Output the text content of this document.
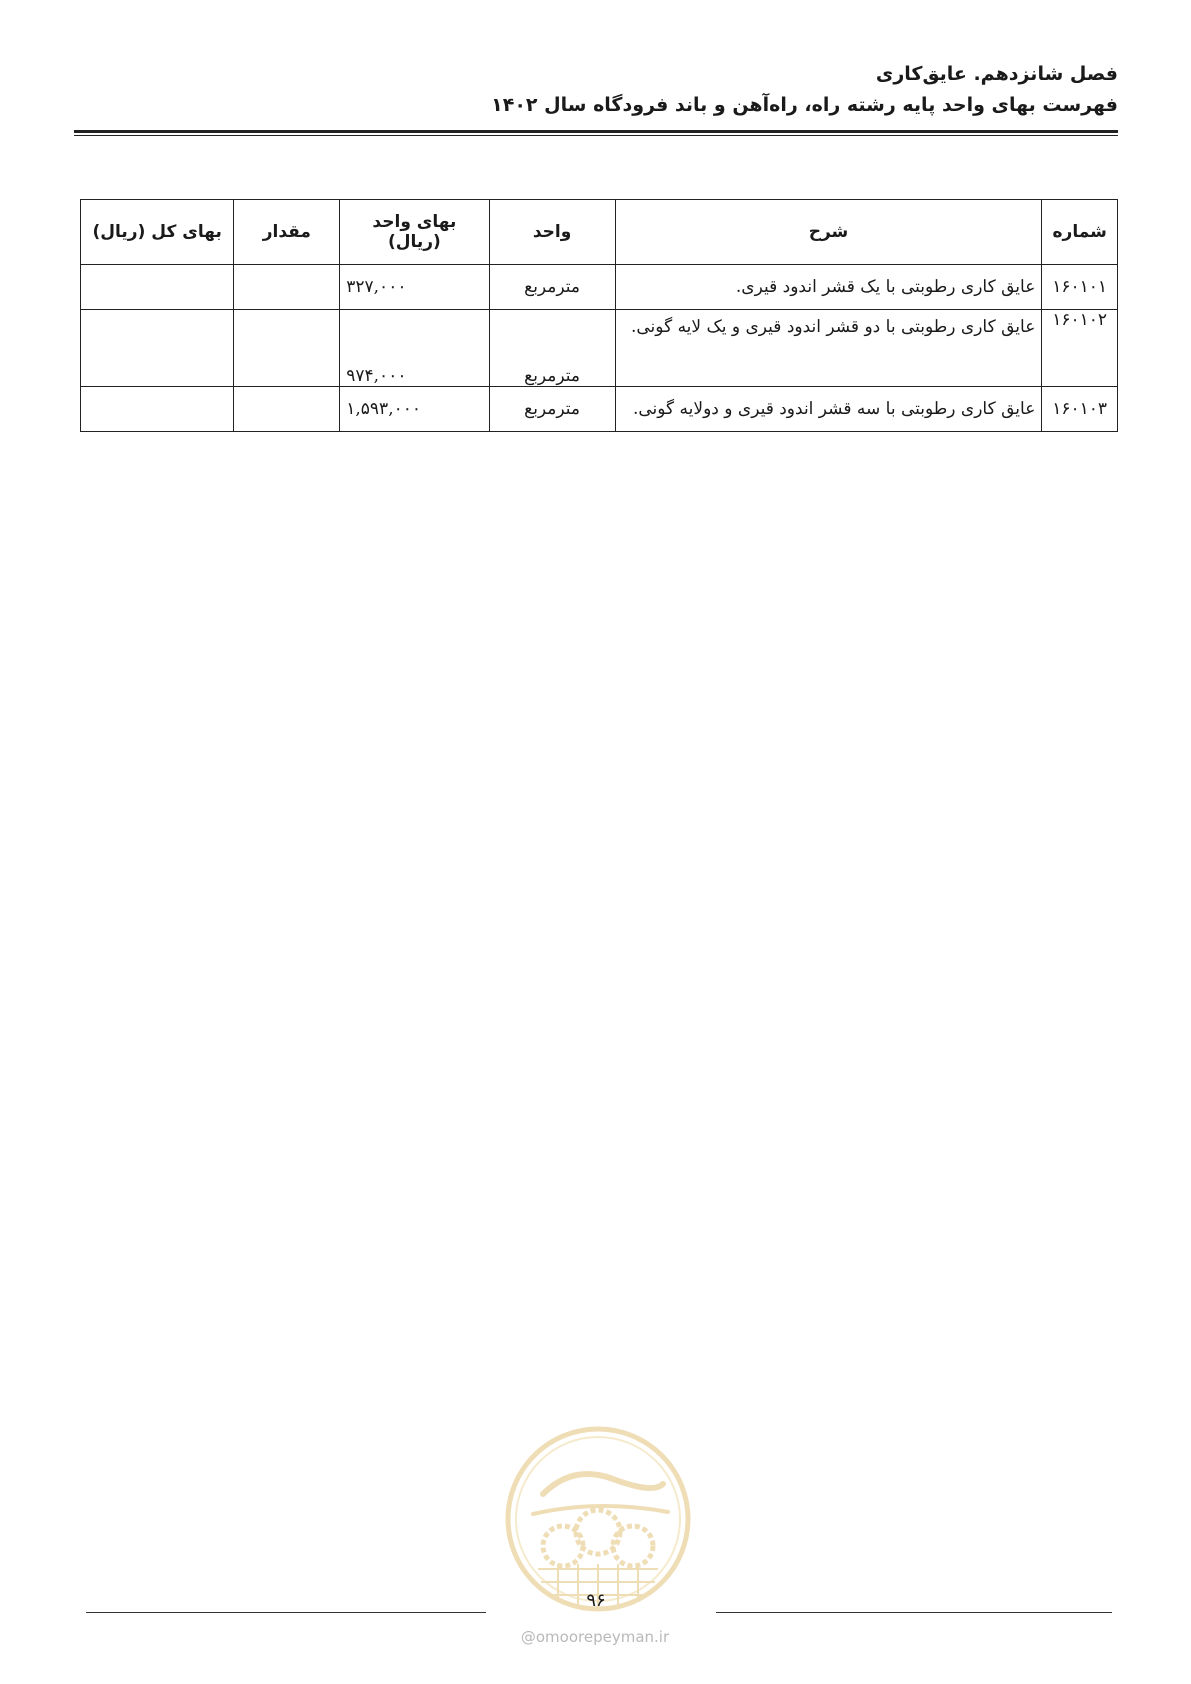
فصل شانزدهم. عایق‌کاری
فهرست بهای واحد پایه رشته راه، راه‌آهن و باند فرودگاه سال ۱۴۰۲
شماره	شرح	واحد	بهای واحد (ریال)	مقدار	بهای کل (ریال)
۱۶۰۱۰۱	عایق کاری رطوبتی با یک قشر اندود قیری.	مترمربع	۳۲۷,۰۰۰		
۱۶۰۱۰۲	عایق کاری رطوبتی با دو قشر اندود قیری و یک لایه گونی.	مترمربع	۹۷۴,۰۰۰		
۱۶۰۱۰۳	عایق کاری رطوبتی با سه قشر اندود قیری و دولایه گونی.	مترمربع	۱,۵۹۳,۰۰۰		
۹۶
@omoorepeyman.ir
